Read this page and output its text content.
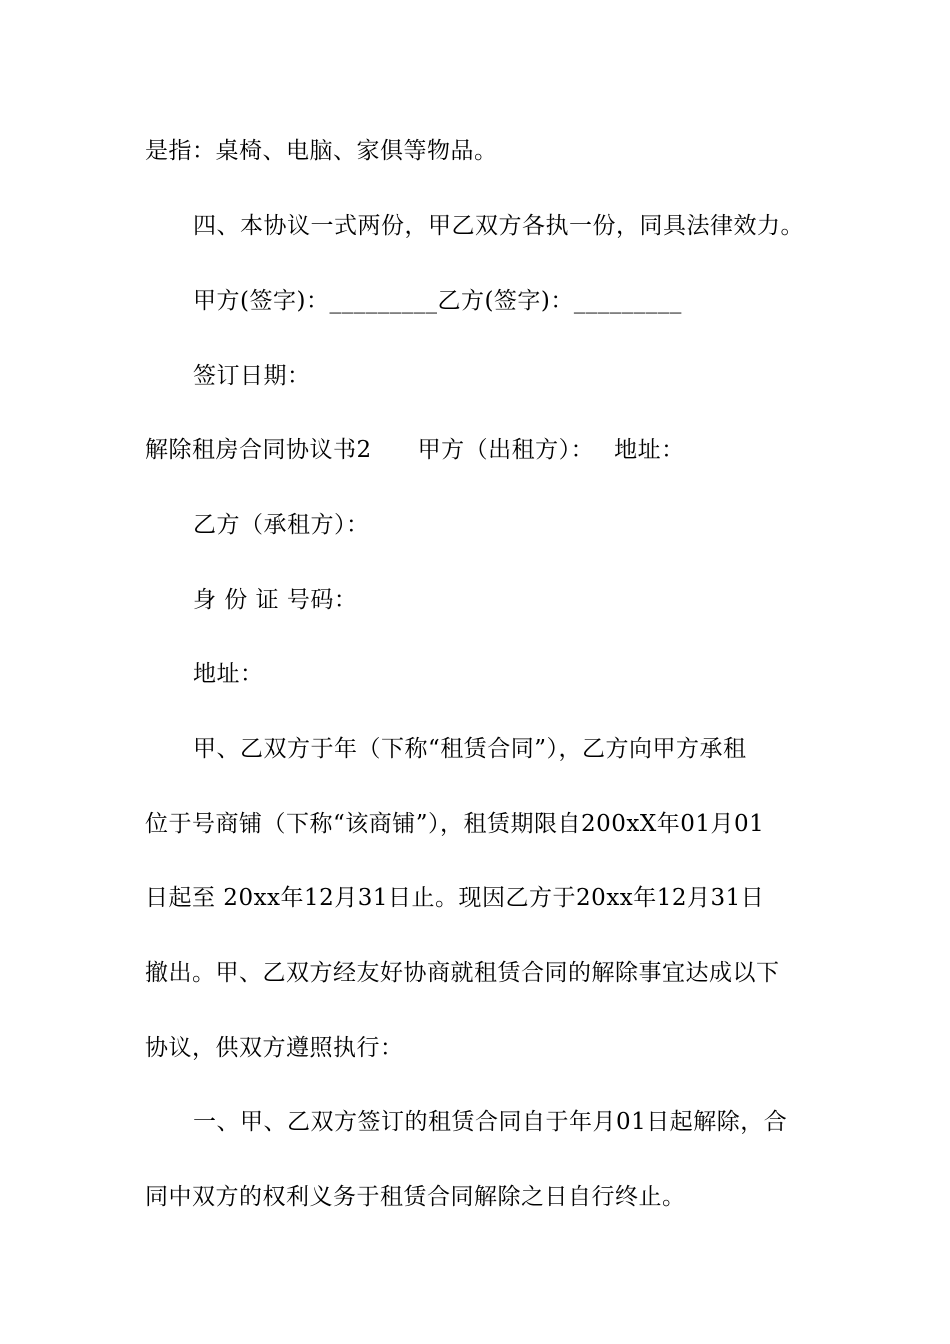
是指：桌椅、电脑、家俱等物品。
四、本协议一式两份，甲乙双方各执一份，同具法律效力。
甲方(签字)：_________乙方(签字)：_________
签订日期：
解除租房合同协议书2 甲方（出租方）： 地址：
乙方（承租方）：
身 份 证 号码：
地址：
甲、乙双方于年（下称“租赁合同”），乙方向甲方承租
位于号商铺（下称“该商铺”），租赁期限自200xX年01月01
日起至 20xx年12月31日止。现因乙方于20xx年12月31日
撤出。甲、乙双方经友好协商就租赁合同的解除事宜达成以下
协议，供双方遵照执行：
一、甲、乙双方签订的租赁合同自于年月01日起解除，合
同中双方的权利义务于租赁合同解除之日自行终止。
